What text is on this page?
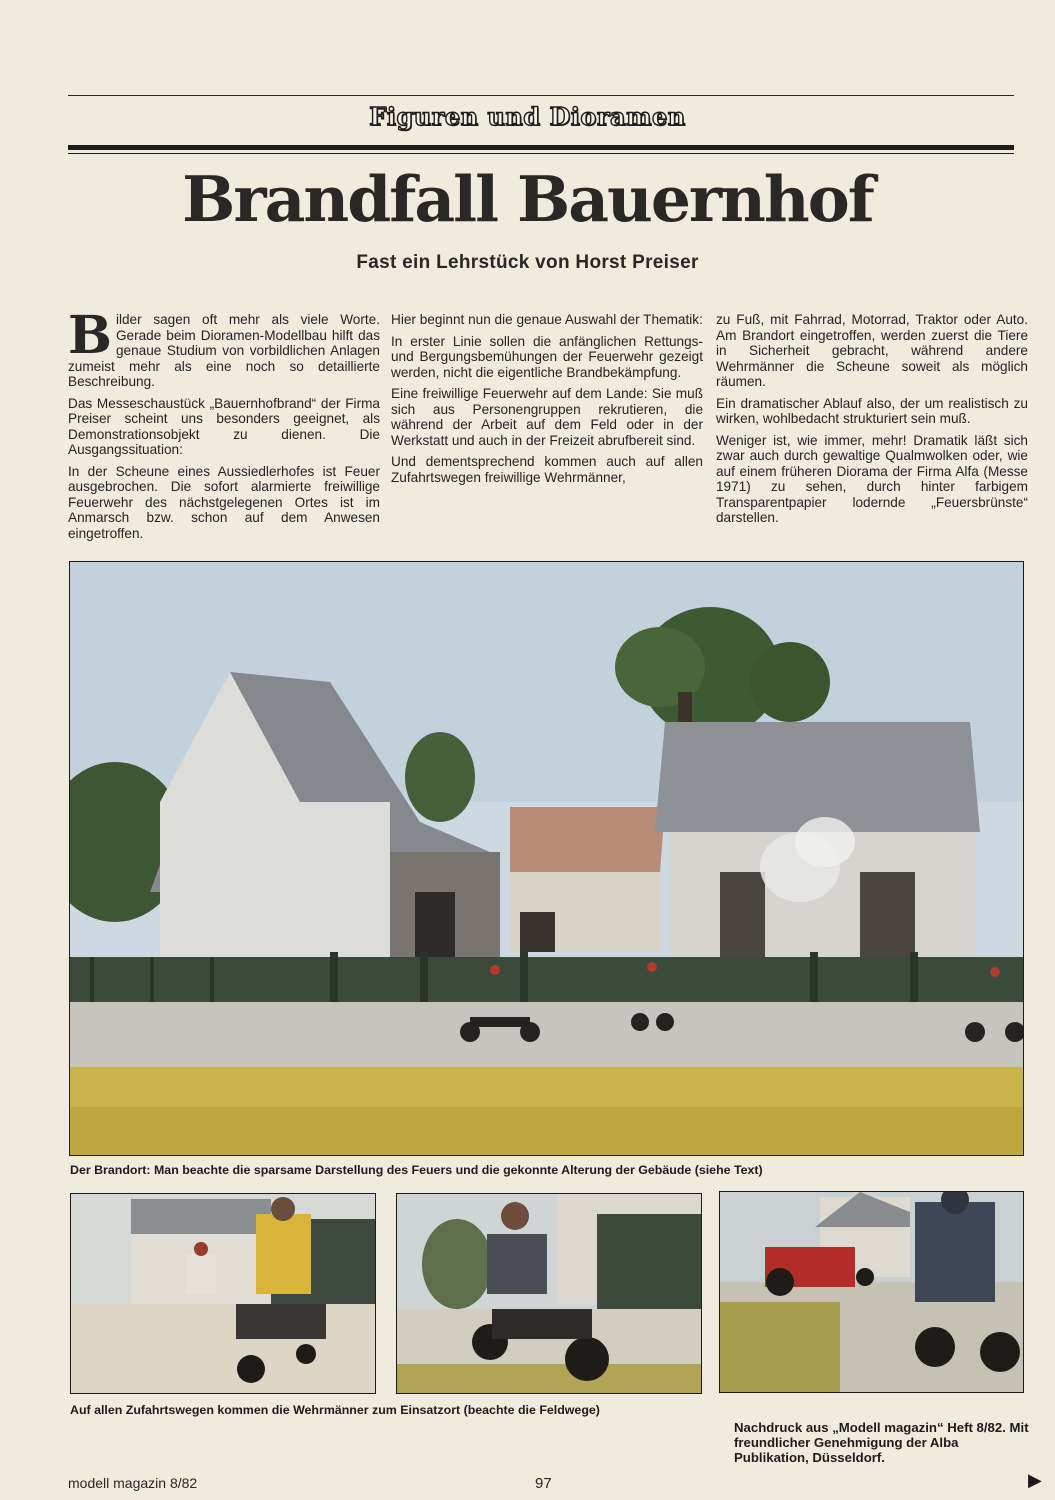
Figuren und Dioramen
Brandfall Bauernhof
Fast ein Lehrstück von Horst Preiser

Bilder sagen oft mehr als viele Worte. Gerade beim Dioramen-Modellbau hilft das genaue Studium von vorbildlichen Anlagen zumeist mehr als eine noch so detaillierte Beschreibung.

Das Messeschaustück „Bauernhofbrand“ der Firma Preiser scheint uns besonders geeignet, als Demonstrationsobjekt zu dienen. Die Ausgangssituation:

In der Scheune eines Aussiedlerhofes ist Feuer ausgebrochen. Die sofort alarmierte freiwillige Feuerwehr des nächstgelegenen Ortes ist im Anmarsch bzw. schon auf dem Anwesen eingetroffen.

Hier beginnt nun die genaue Auswahl der Thematik:

In erster Linie sollen die anfänglichen Rettungs- und Bergungsbemühungen der Feuerwehr gezeigt werden, nicht die eigentliche Brandbekämpfung.

Eine freiwillige Feuerwehr auf dem Lande: Sie muß sich aus Personengruppen rekrutieren, die während der Arbeit auf dem Feld oder in der Werkstatt und auch in der Freizeit abrufbereit sind.

Und dementsprechend kommen auch auf allen Zufahrtswegen freiwillige Wehrmänner,

zu Fuß, mit Fahrrad, Motorrad, Traktor oder Auto. Am Brandort eingetroffen, werden zuerst die Tiere in Sicherheit gebracht, während andere Wehrmänner die Scheune soweit als möglich räumen.

Ein dramatischer Ablauf also, der um realistisch zu wirken, wohlbedacht strukturiert sein muß.

Weniger ist, wie immer, mehr! Dramatik läßt sich zwar auch durch gewaltige Qualmwolken oder, wie auf einem früheren Diorama der Firma Alfa (Messe 1971) zu sehen, durch hinter farbigem Transparentpapier lodernde „Feuersbrünste“ darstellen.

Der Brandort: Man beachte die sparsame Darstellung des Feuers und die gekonnte Alterung der Gebäude (siehe Text)
Auf allen Zufahrtswegen kommen die Wehrmänner zum Einsatzort (beachte die Feldwege)
Nachdruck aus „Modell magazin“ Heft 8/82. Mit freundlicher Genehmigung der Alba Publikation, Düsseldorf.
modell magazin 8/82	97	▶
